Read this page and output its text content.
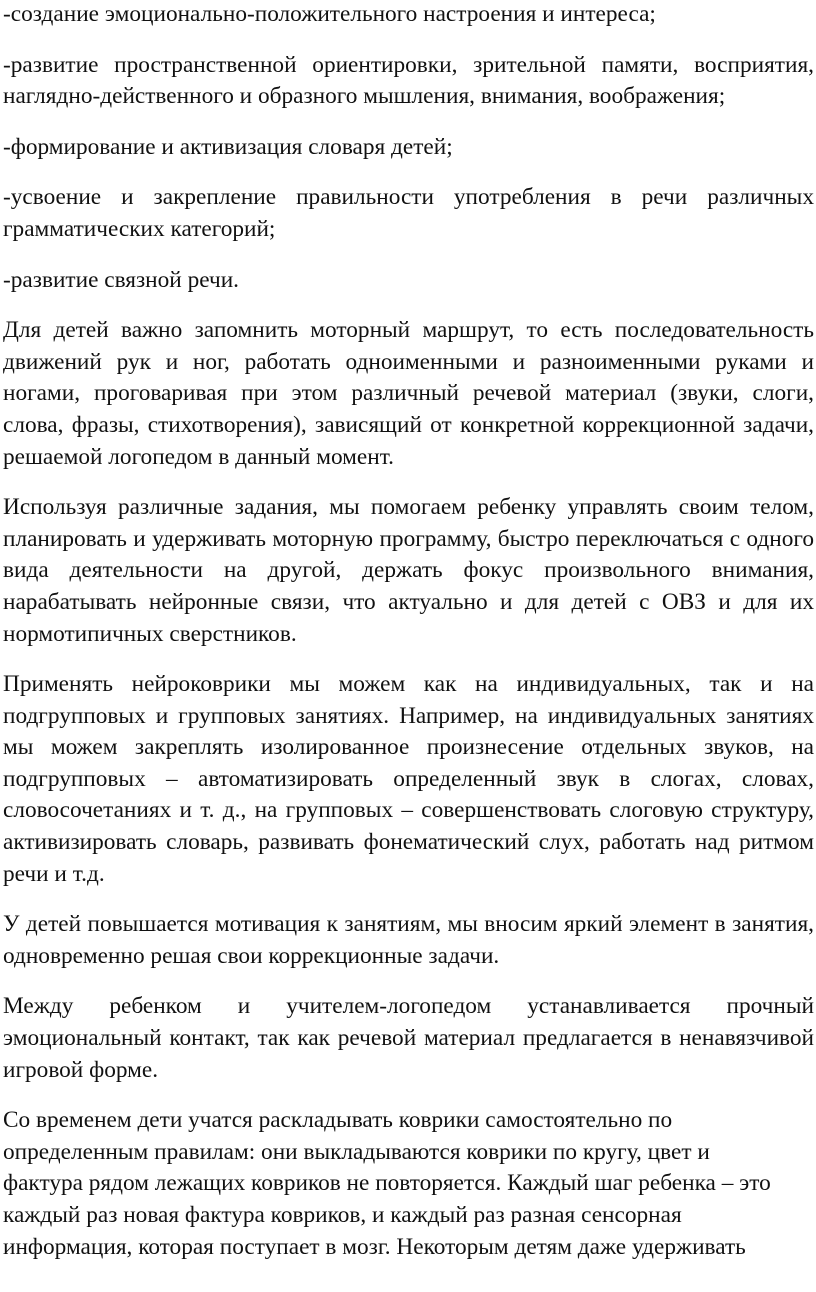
-создание эмоционально-положительного настроения и интереса;

-развитие пространственной ориентировки, зрительной памяти, восприятия, наглядно-действенного и образного мышления, внимания, воображения;

-формирование и активизация словаря детей;

-усвоение и закрепление правильности употребления в речи различных грамматических категорий;

-развитие связной речи.

Для детей важно запомнить моторный маршрут, то есть последовательность движений рук и ног, работать одноименными и разноименными руками и ногами, проговаривая при этом различный речевой материал (звуки, слоги, слова, фразы, стихотворения), зависящий от конкретной коррекционной задачи, решаемой логопедом в данный момент.

Используя различные задания, мы помогаем ребенку управлять своим телом, планировать и удерживать моторную программу, быстро переключаться с одного вида деятельности на другой, держать фокус произвольного внимания, нарабатывать нейронные связи, что актуально и для детей с ОВЗ и для их нормотипичных сверстников.

Применять нейроковрики мы можем как на индивидуальных, так и на подгрупповых и групповых занятиях. Например, на индивидуальных занятиях мы можем закреплять изолированное произнесение отдельных звуков, на подгрупповых – автоматизировать определенный звук в слогах, словах, словосочетаниях и т. д., на групповых – совершенствовать слоговую структуру, активизировать словарь, развивать фонематический слух, работать над ритмом речи и т.д.

У детей повышается мотивация к занятиям, мы вносим яркий элемент в занятия, одновременно решая свои коррекционные задачи.

Между ребенком и учителем-логопедом устанавливается прочный эмоциональный контакт, так как речевой материал предлагается в ненавязчивой игровой форме.

Со временем дети учатся раскладывать коврики самостоятельно по
определенным правилам: они выкладываются коврики по кругу, цвет и
фактура рядом лежащих ковриков не повторяется. Каждый шаг ребенка – это
каждый раз новая фактура ковриков, и каждый раз разная сенсорная
информация, которая поступает в мозг. Некоторым детям даже удерживать
